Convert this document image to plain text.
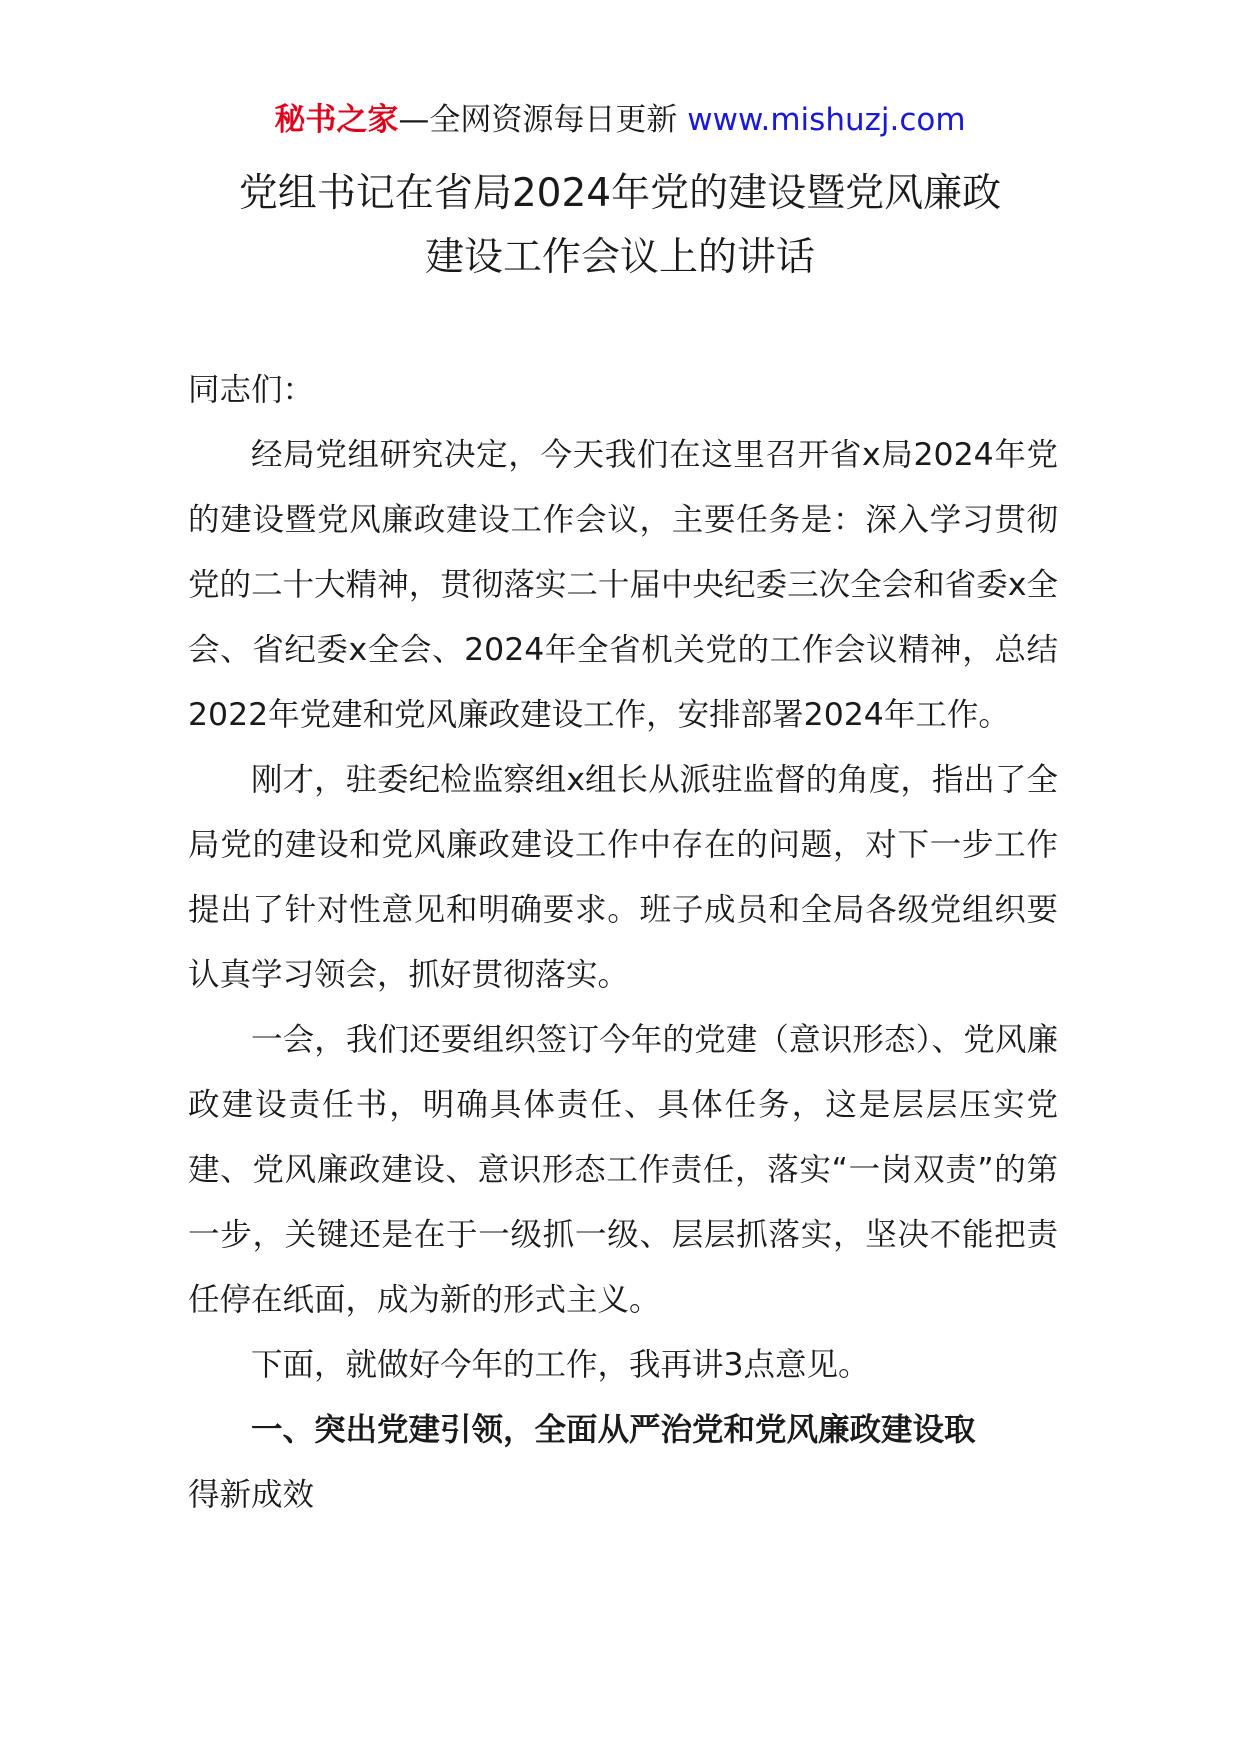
秘书之家—全网资源每日更新 www.mishuzj.com
党组书记在省局2024年党的建设暨党风廉政
建设工作会议上的讲话

同志们：

经局党组研究决定，今天我们在这里召开省x局2024年党的建设暨党风廉政建设工作会议，主要任务是：深入学习贯彻党的二十大精神，贯彻落实二十届中央纪委三次全会和省委x全会、省纪委x全会、2024年全省机关党的工作会议精神，总结2022年党建和党风廉政建设工作，安排部署2024年工作。

刚才，驻委纪检监察组x组长从派驻监督的角度，指出了全局党的建设和党风廉政建设工作中存在的问题，对下一步工作提出了针对性意见和明确要求。班子成员和全局各级党组织要认真学习领会，抓好贯彻落实。

一会，我们还要组织签订今年的党建（意识形态）、党风廉政建设责任书，明确具体责任、具体任务，这是层层压实党建、党风廉政建设、意识形态工作责任，落实“一岗双责”的第一步，关键还是在于一级抓一级、层层抓落实，坚决不能把责任停在纸面，成为新的形式主义。

下面，就做好今年的工作，我再讲3点意见。

一、突出党建引领，全面从严治党和党风廉政建设取

得新成效
